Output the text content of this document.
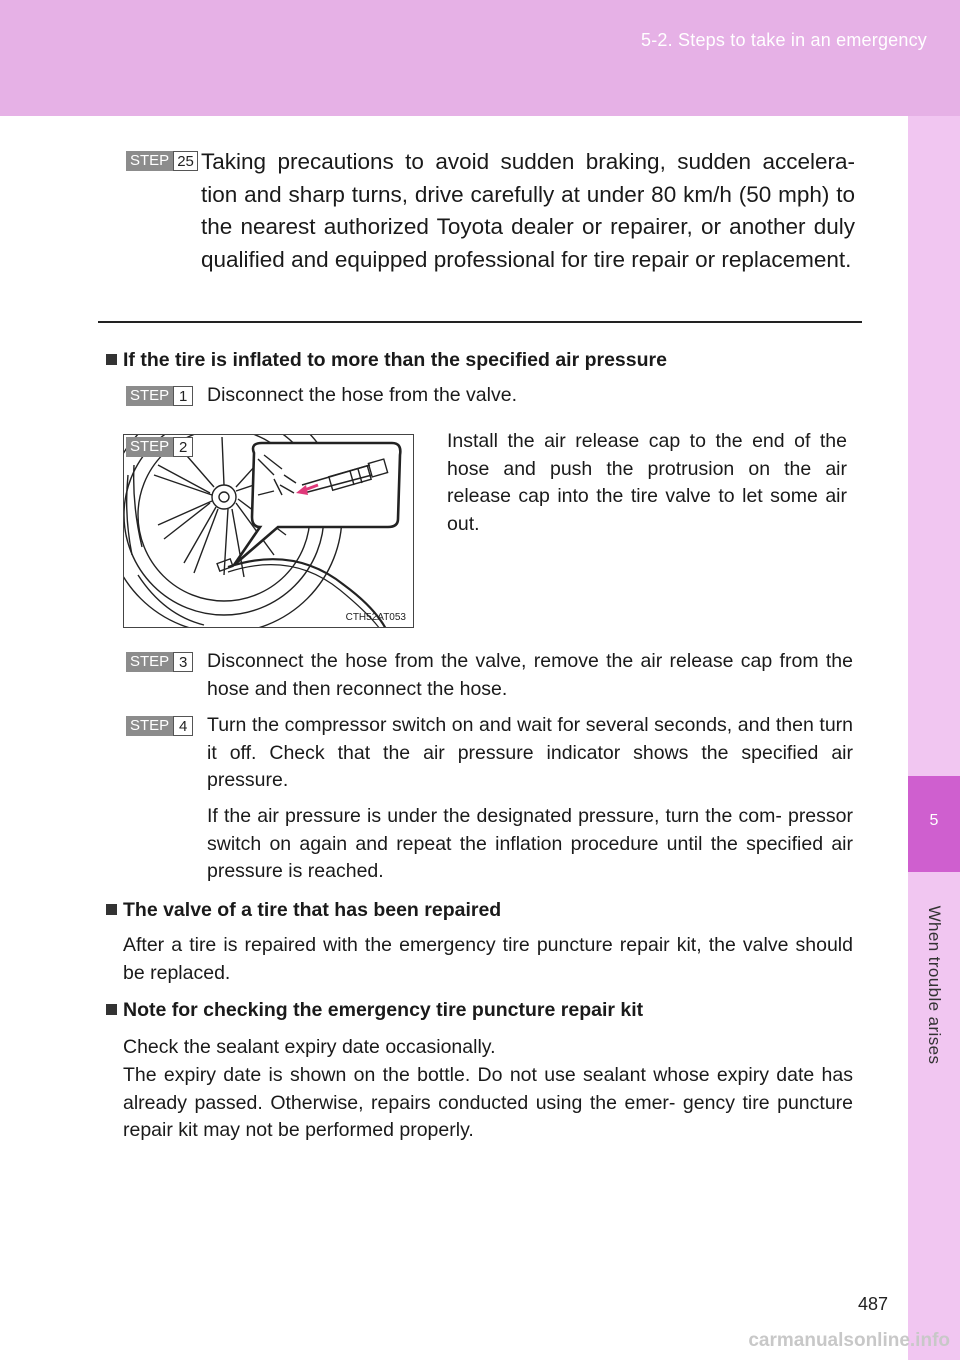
5-2. Steps to take in an emergency
5
When trouble arises
STEP 25 Taking precautions to avoid sudden braking, sudden accelera- tion and sharp turns, drive carefully at under 80 km/h (50 mph) to the nearest authorized Toyota dealer or repairer, or another duly qualified and equipped professional for tire repair or replacement.

If the tire is inflated to more than the specified air pressure
STEP 1 Disconnect the hose from the valve.

CTH52AT053
STEP 2	Install the air release cap to the end of the hose and push the protrusion on the air release cap into the tire valve to let some air out.

STEP 3 Disconnect the hose from the valve, remove the air release cap from the hose and then reconnect the hose.

STEP 4 Turn the compressor switch on and wait for several seconds, and then turn it off. Check that the air pressure indicator shows the specified air pressure.

If the air pressure is under the designated pressure, turn the com- pressor switch on again and repeat the inflation procedure until the specified air pressure is reached.

The valve of a tire that has been repaired

After a tire is repaired with the emergency tire puncture repair kit, the valve should be replaced.

Note for checking the emergency tire puncture repair kit

Check the sealant expiry date occasionally.

The expiry date is shown on the bottle. Do not use sealant whose expiry date has already passed. Otherwise, repairs conducted using the emer- gency tire puncture repair kit may not be performed properly.

487
carmanualsonline.info
